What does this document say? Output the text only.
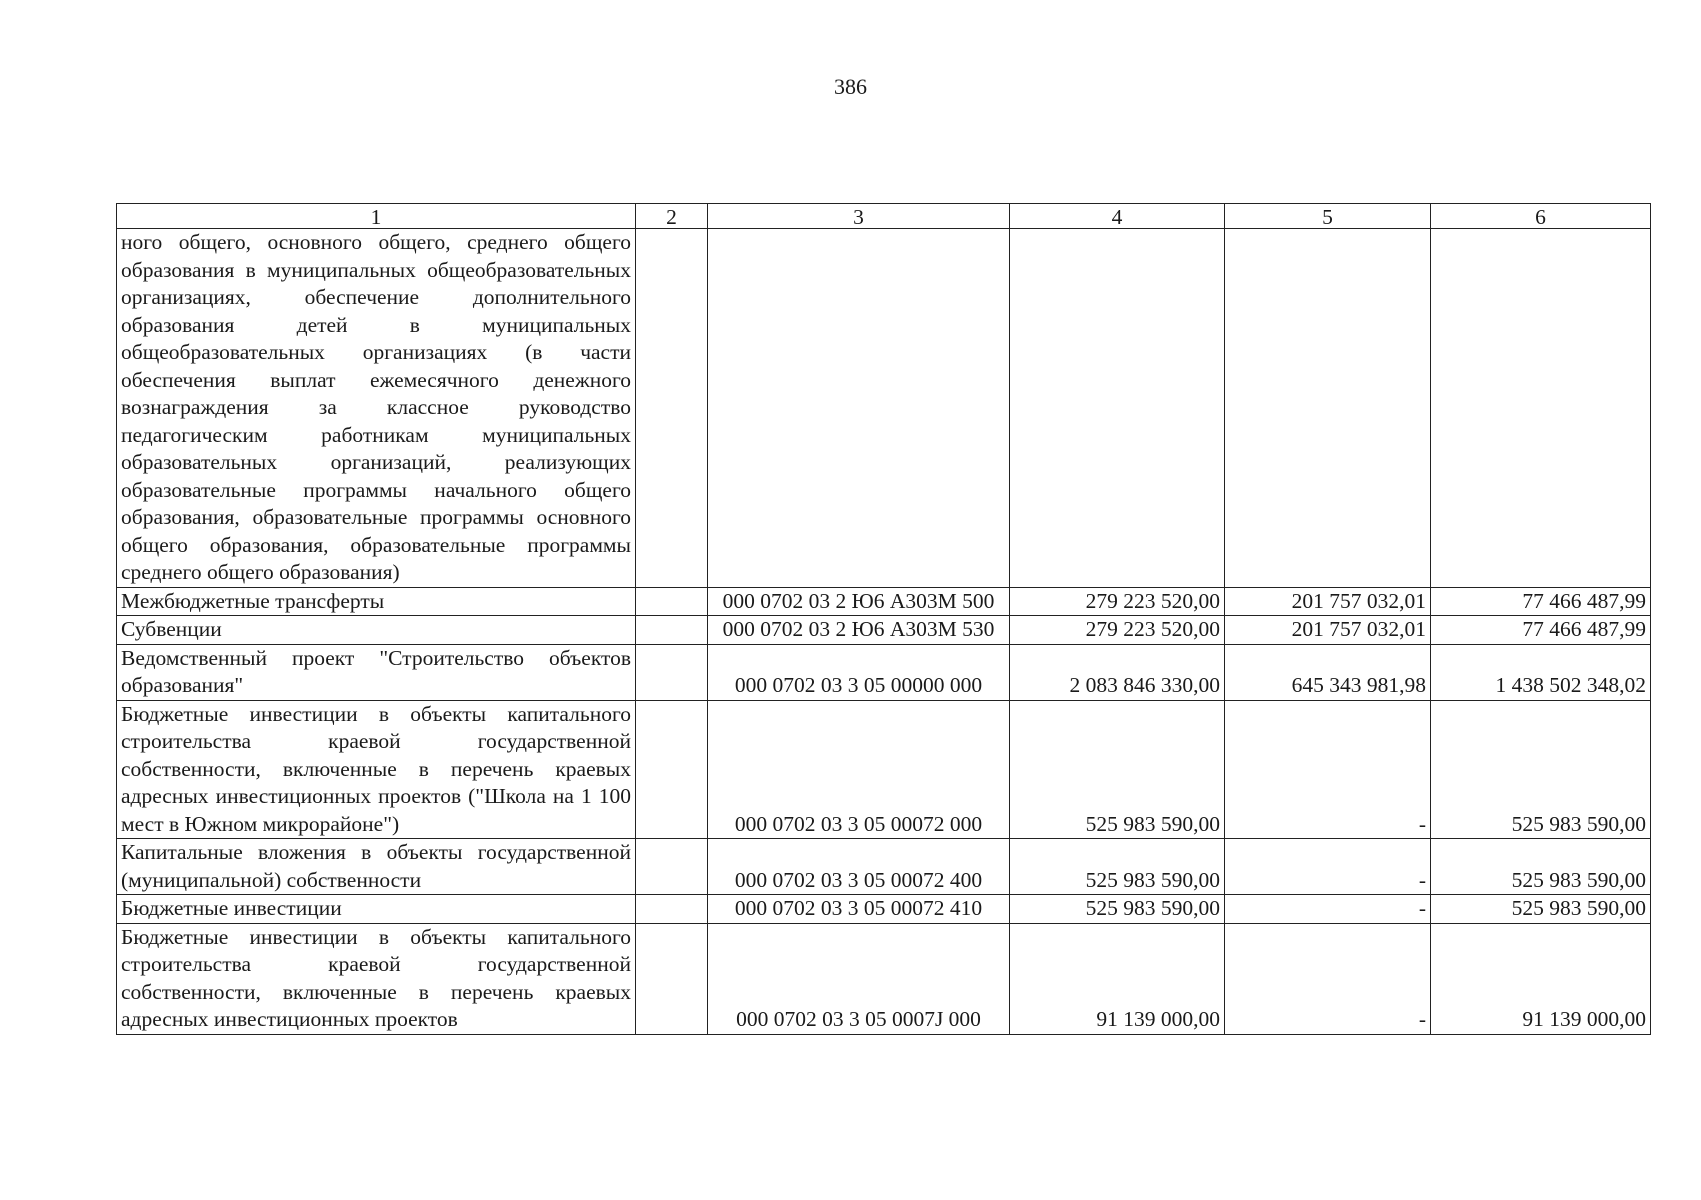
386
1	2	3	4	5	6

ного общего, основного общего, среднего общего образования в муниципальных общеобразовательных организациях, обеспечение дополнительного образования детей в муниципальных общеобразовательных организациях (в части обеспечения выплат ежемесячного денежного вознаграждения за классное руководство педагогическим работникам муниципальных образовательных организаций, реализующих образовательные программы начального общего образования, образовательные программы основного общего образования, образовательные программы среднего общего образования)					

Межбюджетные трансферты		000 0702 03 2 Ю6 А303М 500	279 223 520,00	201 757 032,01	77 466 487,99

Субвенции		000 0702 03 2 Ю6 А303М 530	279 223 520,00	201 757 032,01	77 466 487,99

Ведомственный проект "Строительство объектов образования"		000 0702 03 3 05 00000 000	2 083 846 330,00	645 343 981,98	1 438 502 348,02

Бюджетные инвестиции в объекты капитального строительства краевой государственной собственности, включенные в перечень краевых адресных инвестиционных проектов ("Школа на 1 100 мест в Южном микрорайоне")		000 0702 03 3 05 00072 000	525 983 590,00	-	525 983 590,00

Капитальные вложения в объекты государственной (муниципальной) собственности		000 0702 03 3 05 00072 400	525 983 590,00	-	525 983 590,00

Бюджетные инвестиции		000 0702 03 3 05 00072 410	525 983 590,00	-	525 983 590,00

Бюджетные инвестиции в объекты капитального строительства краевой государственной собственности, включенные в перечень краевых адресных инвестиционных проектов		000 0702 03 3 05 0007J 000	91 139 000,00	-	91 139 000,00
